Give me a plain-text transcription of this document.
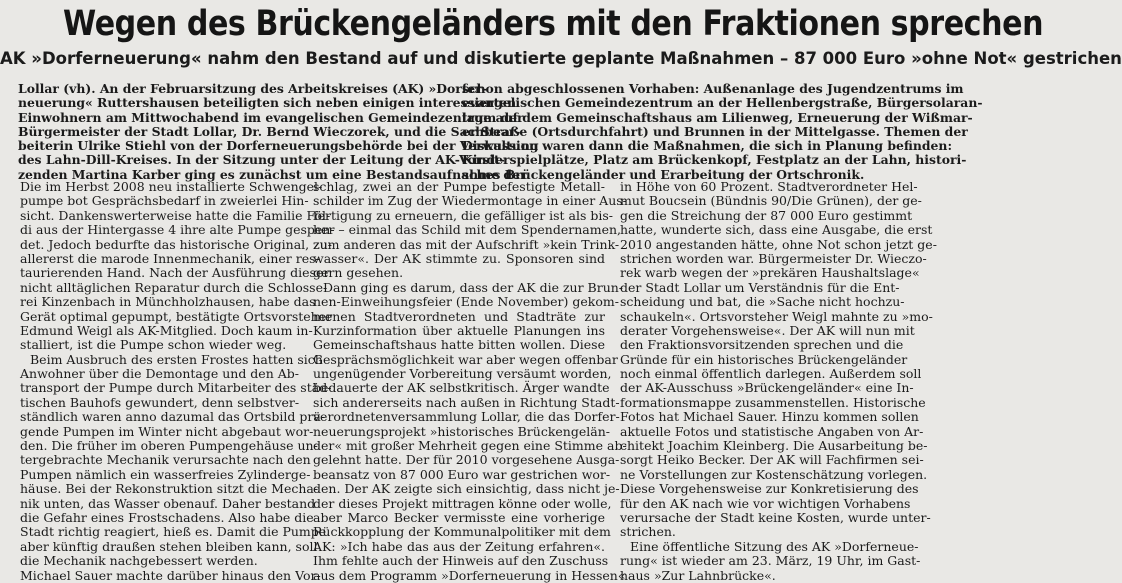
Wegen des Brückengeländers mit den Fraktionen sprechen
AK »Dorferneuerung« nahm den Bestand auf und diskutierte geplante Maßnahmen – 87 000 Euro »ohne Not« gestrichen
Lollar (vh). An der Februarsitzung des Arbeitskreises (AK) »Dorfer-
neuerung« Ruttershausen beteiligten sich neben einigen interessierten
Einwohnern am Mittwochabend im evangelischen Gemeindezentrum der
Bürgermeister der Stadt Lollar, Dr. Bernd Wieczorek, und die Sachbear-
beiterin Ulrike Stiehl von der Dorferneuerungsbehörde bei der Verwaltung
des Lahn-Dill-Kreises. In der Sitzung unter der Leitung der AK-Vorsit-
zenden Martina Karber ging es zunächst um eine Bestandsaufnahme der
schon abgeschlossenen Vorhaben: Außenanlage des Jugendzentrums im
evangelischen Gemeindezentrum an der Hellenbergstraße, Bürgersolaran-
lage auf dem Gemeinschaftshaus am Lilienweg, Erneuerung der Wißmar-
er Straße (Ortsdurchfahrt) und Brunnen in der Mittelgasse. Themen der
Diskussion waren dann die Maßnahmen, die sich in Planung befinden:
Kinderspielplätze, Platz am Brückenkopf, Festplatz an der Lahn, histori-
sches Brückengeländer und Erarbeitung der Ortschronik.
Die im Herbst 2008 neu installierte Schwengel-
pumpe bot Gesprächsbedarf in zweierlei Hin-
sicht. Dankenswerterweise hatte die Familie Föl-
di aus der Hintergasse 4 ihre alte Pumpe gespen-
det. Jedoch bedurfte das historische Original, zu-
allererst die marode Innenmechanik, einer res-
taurierenden Hand. Nach der Ausführung dieser
nicht alltäglichen Reparatur durch die Schlosse-
rei Kinzenbach in Münchholzhausen, habe das
Gerät optimal gepumpt, bestätigte Ortsvorsteher
Edmund Weigl als AK-Mitglied. Doch kaum in-
stalliert, ist die Pumpe schon wieder weg.
Beim Ausbruch des ersten Frostes hatten sich
Anwohner über die Demontage und den Ab-
transport der Pumpe durch Mitarbeiter des städ-
tischen Bauhofs gewundert, denn selbstver-
ständlich waren anno dazumal das Ortsbild prä-
gende Pumpen im Winter nicht abgebaut wor-
den. Die früher im oberen Pumpengehäuse un-
tergebrachte Mechanik verursachte nach den
Pumpen nämlich ein wasserfreies Zylinderge-
häuse. Bei der Rekonstruktion sitzt die Mecha-
nik unten, das Wasser obenauf. Daher bestand
die Gefahr eines Frostschadens. Also habe die
Stadt richtig reagiert, hieß es. Damit die Pumpe
aber künftig draußen stehen bleiben kann, soll
die Mechanik nachgebessert werden.
Michael Sauer machte darüber hinaus den Vor-
schlag, zwei an der Pumpe befestigte Metall-
schilder im Zug der Wiedermontage in einer Aus-
fertigung zu erneuern, die gefälliger ist als bis-
her – einmal das Schild mit dem Spendernamen,
zum anderen das mit der Aufschrift »kein Trink-
wasser«. Der AK stimmte zu. Sponsoren sind
gern gesehen.
Dann ging es darum, dass der AK die zur Brun-
nen-Einweihungsfeier (Ende November) gekom-
menen Stadtverordneten und Stadträte zur
Kurzinformation über aktuelle Planungen ins
Gemeinschaftshaus hatte bitten wollen. Diese
Gesprächsmöglichkeit war aber wegen offenbar
ungenügender Vorbereitung versäumt worden,
bedauerte der AK selbstkritisch. Ärger wandte
sich andererseits nach außen in Richtung Stadt-
verordnetenversammlung Lollar, die das Dorfer-
neuerungsprojekt »historisches Brückengelän-
der« mit großer Mehrheit gegen eine Stimme ab-
gelehnt hatte. Der für 2010 vorgesehene Ausga-
beansatz von 87 000 Euro war gestrichen wor-
den. Der AK zeigte sich einsichtig, dass nicht je-
der dieses Projekt mittragen könne oder wolle,
aber Marco Becker vermisste eine vorherige
Rückkopplung der Kommunalpolitiker mit dem
AK: »Ich habe das aus der Zeitung erfahren«.
Ihm fehlte auch der Hinweis auf den Zuschuss
aus dem Programm »Dorferneuerung in Hessen«
in Höhe von 60 Prozent. Stadtverordneter Hel-
mut Boucsein (Bündnis 90/Die Grünen), der ge-
gen die Streichung der 87 000 Euro gestimmt
hatte, wunderte sich, dass eine Ausgabe, die erst
2010 angestanden hätte, ohne Not schon jetzt ge-
strichen worden war. Bürgermeister Dr. Wieczo-
rek warb wegen der »prekären Haushaltslage«
der Stadt Lollar um Verständnis für die Ent-
scheidung und bat, die »Sache nicht hochzu-
schaukeln«. Ortsvorsteher Weigl mahnte zu »mo-
derater Vorgehensweise«. Der AK will nun mit
den Fraktionsvorsitzenden sprechen und die
Gründe für ein historisches Brückengeländer
noch einmal öffentlich darlegen. Außerdem soll
der AK-Ausschuss »Brückengeländer« eine In-
formationsmappe zusammenstellen. Historische
Fotos hat Michael Sauer. Hinzu kommen sollen
aktuelle Fotos und statistische Angaben von Ar-
chitekt Joachim Kleinberg. Die Ausarbeitung be-
sorgt Heiko Becker. Der AK will Fachfirmen sei-
ne Vorstellungen zur Kostenschätzung vorlegen.
Diese Vorgehensweise zur Konkretisierung des
für den AK nach wie vor wichtigen Vorhabens
verursache der Stadt keine Kosten, wurde unter-
strichen.
Eine öffentliche Sitzung des AK »Dorferneue-
rung« ist wieder am 23. März, 19 Uhr, im Gast-
haus »Zur Lahnbrücke«.
